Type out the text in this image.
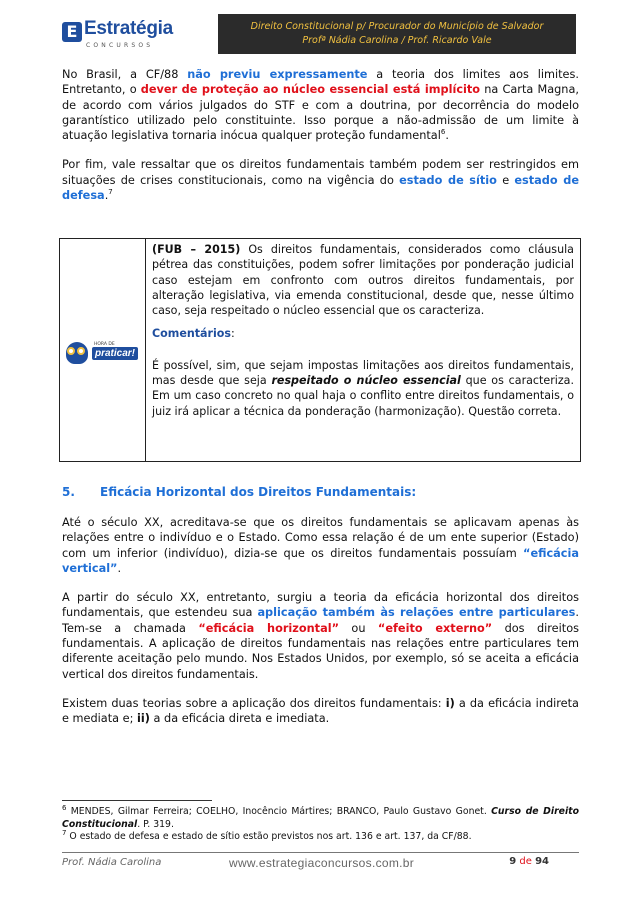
E Estratégia
CONCURSOS
Direito Constitucional p/ Procurador do Município de Salvador
Profª Nádia Carolina / Prof. Ricardo Vale

No Brasil, a CF/88 não previu expressamente a teoria dos limites aos limites. Entretanto, o dever de proteção ao núcleo essencial está implícito na Carta Magna, de acordo com vários julgados do STF e com a doutrina, por decorrência do modelo garantístico utilizado pelo constituinte. Isso porque a não-admissão de um limite à atuação legislativa tornaria inócua qualquer proteção fundamental$^6$.

Por fim, vale ressaltar que os direitos fundamentais também podem ser restringidos em situações de crises constitucionais, como na vigência do estado de sítio e estado de defesa.$^7$

HORA DE
praticar!

(FUB – 2015) Os direitos fundamentais, considerados como cláusula pétrea das constituições, podem sofrer limitações por ponderação judicial caso estejam em confronto com outros direitos fundamentais, por alteração legislativa, via emenda constitucional, desde que, nesse último caso, seja respeitado o núcleo essencial que os caracteriza.

Comentários:

É possível, sim, que sejam impostas limitações aos direitos fundamentais, mas desde que seja respeitado o núcleo essencial que os caracteriza. Em um caso concreto no qual haja o conflito entre direitos fundamentais, o juiz irá aplicar a técnica da ponderação (harmonização). Questão correta.

5. Eficácia Horizontal dos Direitos Fundamentais:

Até o século XX, acreditava-se que os direitos fundamentais se aplicavam apenas às relações entre o indivíduo e o Estado. Como essa relação é de um ente superior (Estado) com um inferior (indivíduo), dizia-se que os direitos fundamentais possuíam “eficácia vertical”.

A partir do século XX, entretanto, surgiu a teoria da eficácia horizontal dos direitos fundamentais, que estendeu sua aplicação também às relações entre particulares. Tem-se a chamada “eficácia horizontal” ou “efeito externo” dos direitos fundamentais. A aplicação de direitos fundamentais nas relações entre particulares tem diferente aceitação pelo mundo. Nos Estados Unidos, por exemplo, só se aceita a eficácia vertical dos direitos fundamentais.

Existem duas teorias sobre a aplicação dos direitos fundamentais: i) a da eficácia indireta e mediata e; ii) a da eficácia direta e imediata.

$^6$ MENDES, Gilmar Ferreira; COELHO, Inocêncio Mártires; BRANCO, Paulo Gustavo Gonet. Curso de Direito Constitucional. P. 319.

$^7$ O estado de defesa e estado de sítio estão previstos nos art. 136 e art. 137, da CF/88.

Prof. Nádia Carolina	www.estrategiaconcursos.com.br	9 de 94
